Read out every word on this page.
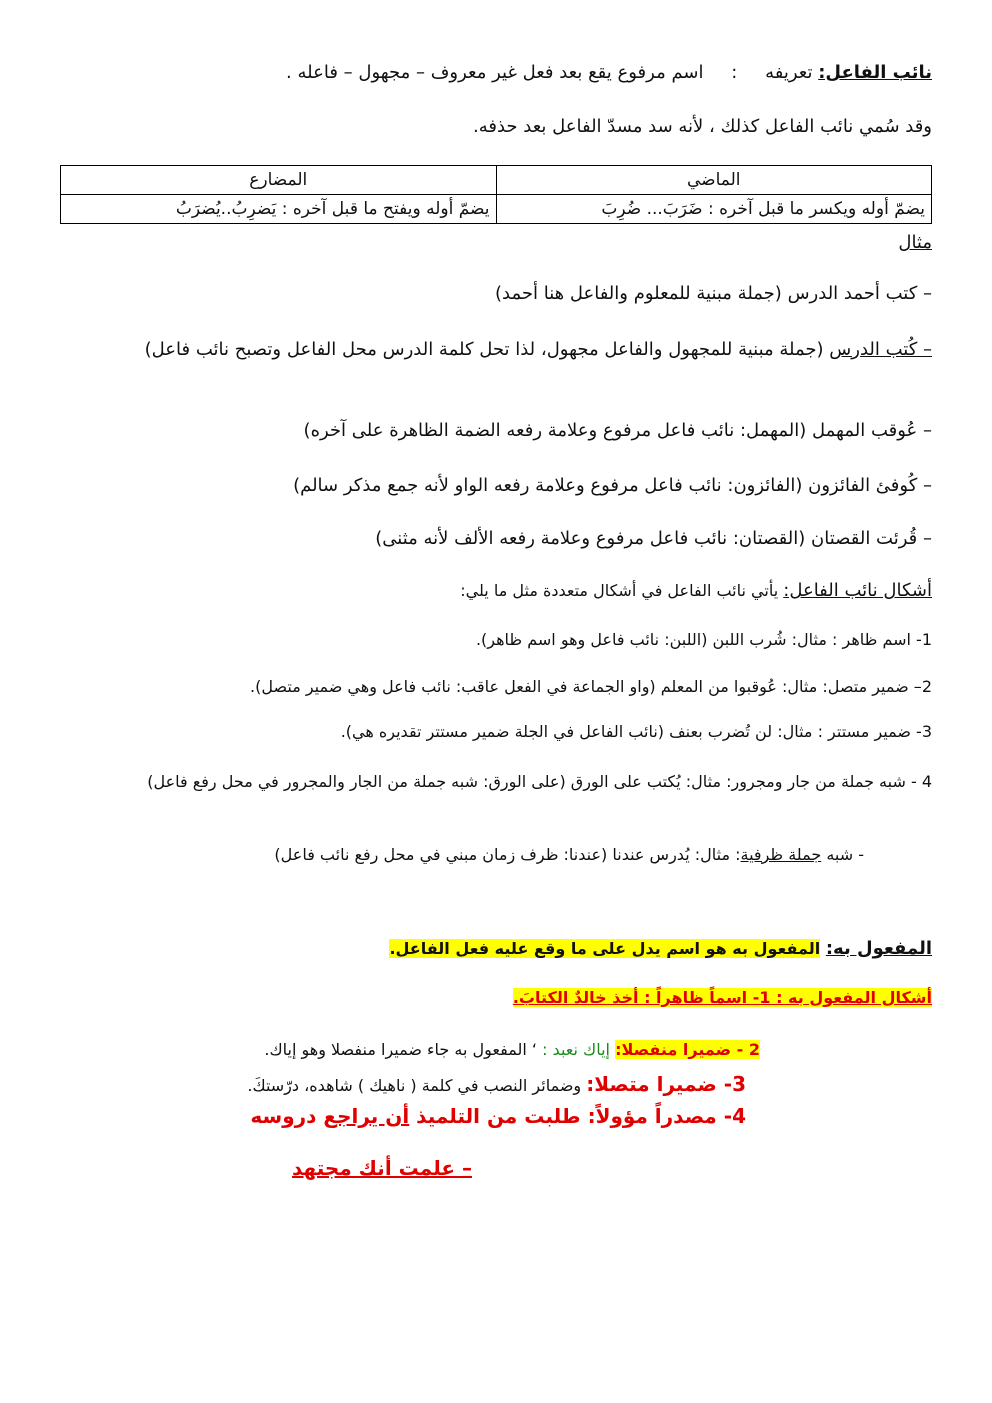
نائب الفاعل: تعريفه : اسم مرفوع يقع بعد فعل غير معروف – مجهول – فاعله .
وقد سُمي نائب الفاعل كذلك ، لأنه سد مسدّ الفاعل بعد حذفه.
الماضي	المضارع
يضمّ أوله ويكسر ما قبل آخره : ضَرَبَ... ضُرِبَ	يضمّ أوله ويفتح ما قبل آخره : يَضرِبُ..يُضرَبُ
مثال
– كتب أحمد الدرس (جملة مبنية للمعلوم والفاعل هنا أحمد)
– كُتب الدرس (جملة مبنية للمجهول والفاعل مجهول، لذا تحل كلمة الدرس محل الفاعل وتصبح نائب فاعل)
– عُوقب المهمل (المهمل: نائب فاعل مرفوع وعلامة رفعه الضمة الظاهرة على آخره)
– كُوفئ الفائزون (الفائزون: نائب فاعل مرفوع وعلامة رفعه الواو لأنه جمع مذكر سالم)
– قُرئت القصتان (القصتان: نائب فاعل مرفوع وعلامة رفعه الألف لأنه مثنى)
أشكال نائب الفاعل: يأتي نائب الفاعل في أشكال متعددة مثل ما يلي:
1- اسم ظاهر : مثال: شُرب اللبن (اللبن: نائب فاعل وهو اسم ظاهر).
2– ضمير متصل: مثال: عُوقبوا من المعلم (واو الجماعة في الفعل عاقب: نائب فاعل وهي ضمير متصل).
3- ضمير مستتر : مثال: لن تُضرب بعنف (نائب الفاعل في الجلة ضمير مستتر تقديره هي).
4 - شبه جملة من جار ومجرور: مثال: يُكتب على الورق (على الورق: شبه جملة من الجار والمجرور في محل رفع فاعل)
- شبه جملة ظرفية: مثال: يُدرس عندنا (عندنا: ظرف زمان مبني في محل رفع نائب فاعل)
المفعول به: المفعول به هو اسم يدل على ما وقع عليه فعل الفاعل.
أشكال المفعول به : 1- اسماً ظاهراً : أخذ خالدٌ الكتابَ.
2 - ضميرا منفصلا: إياك نعبد : ‘ المفعول به جاء ضميرا منفصلا وهو إياك.
3- ضميرا متصلا: وضمائر النصب في كلمة ( ناهيك ) شاهده، درّستكَ.
4- مصدراً مؤولاً: طلبت من التلميذ أن يراجع دروسه
– علمت أنك مجتهد
